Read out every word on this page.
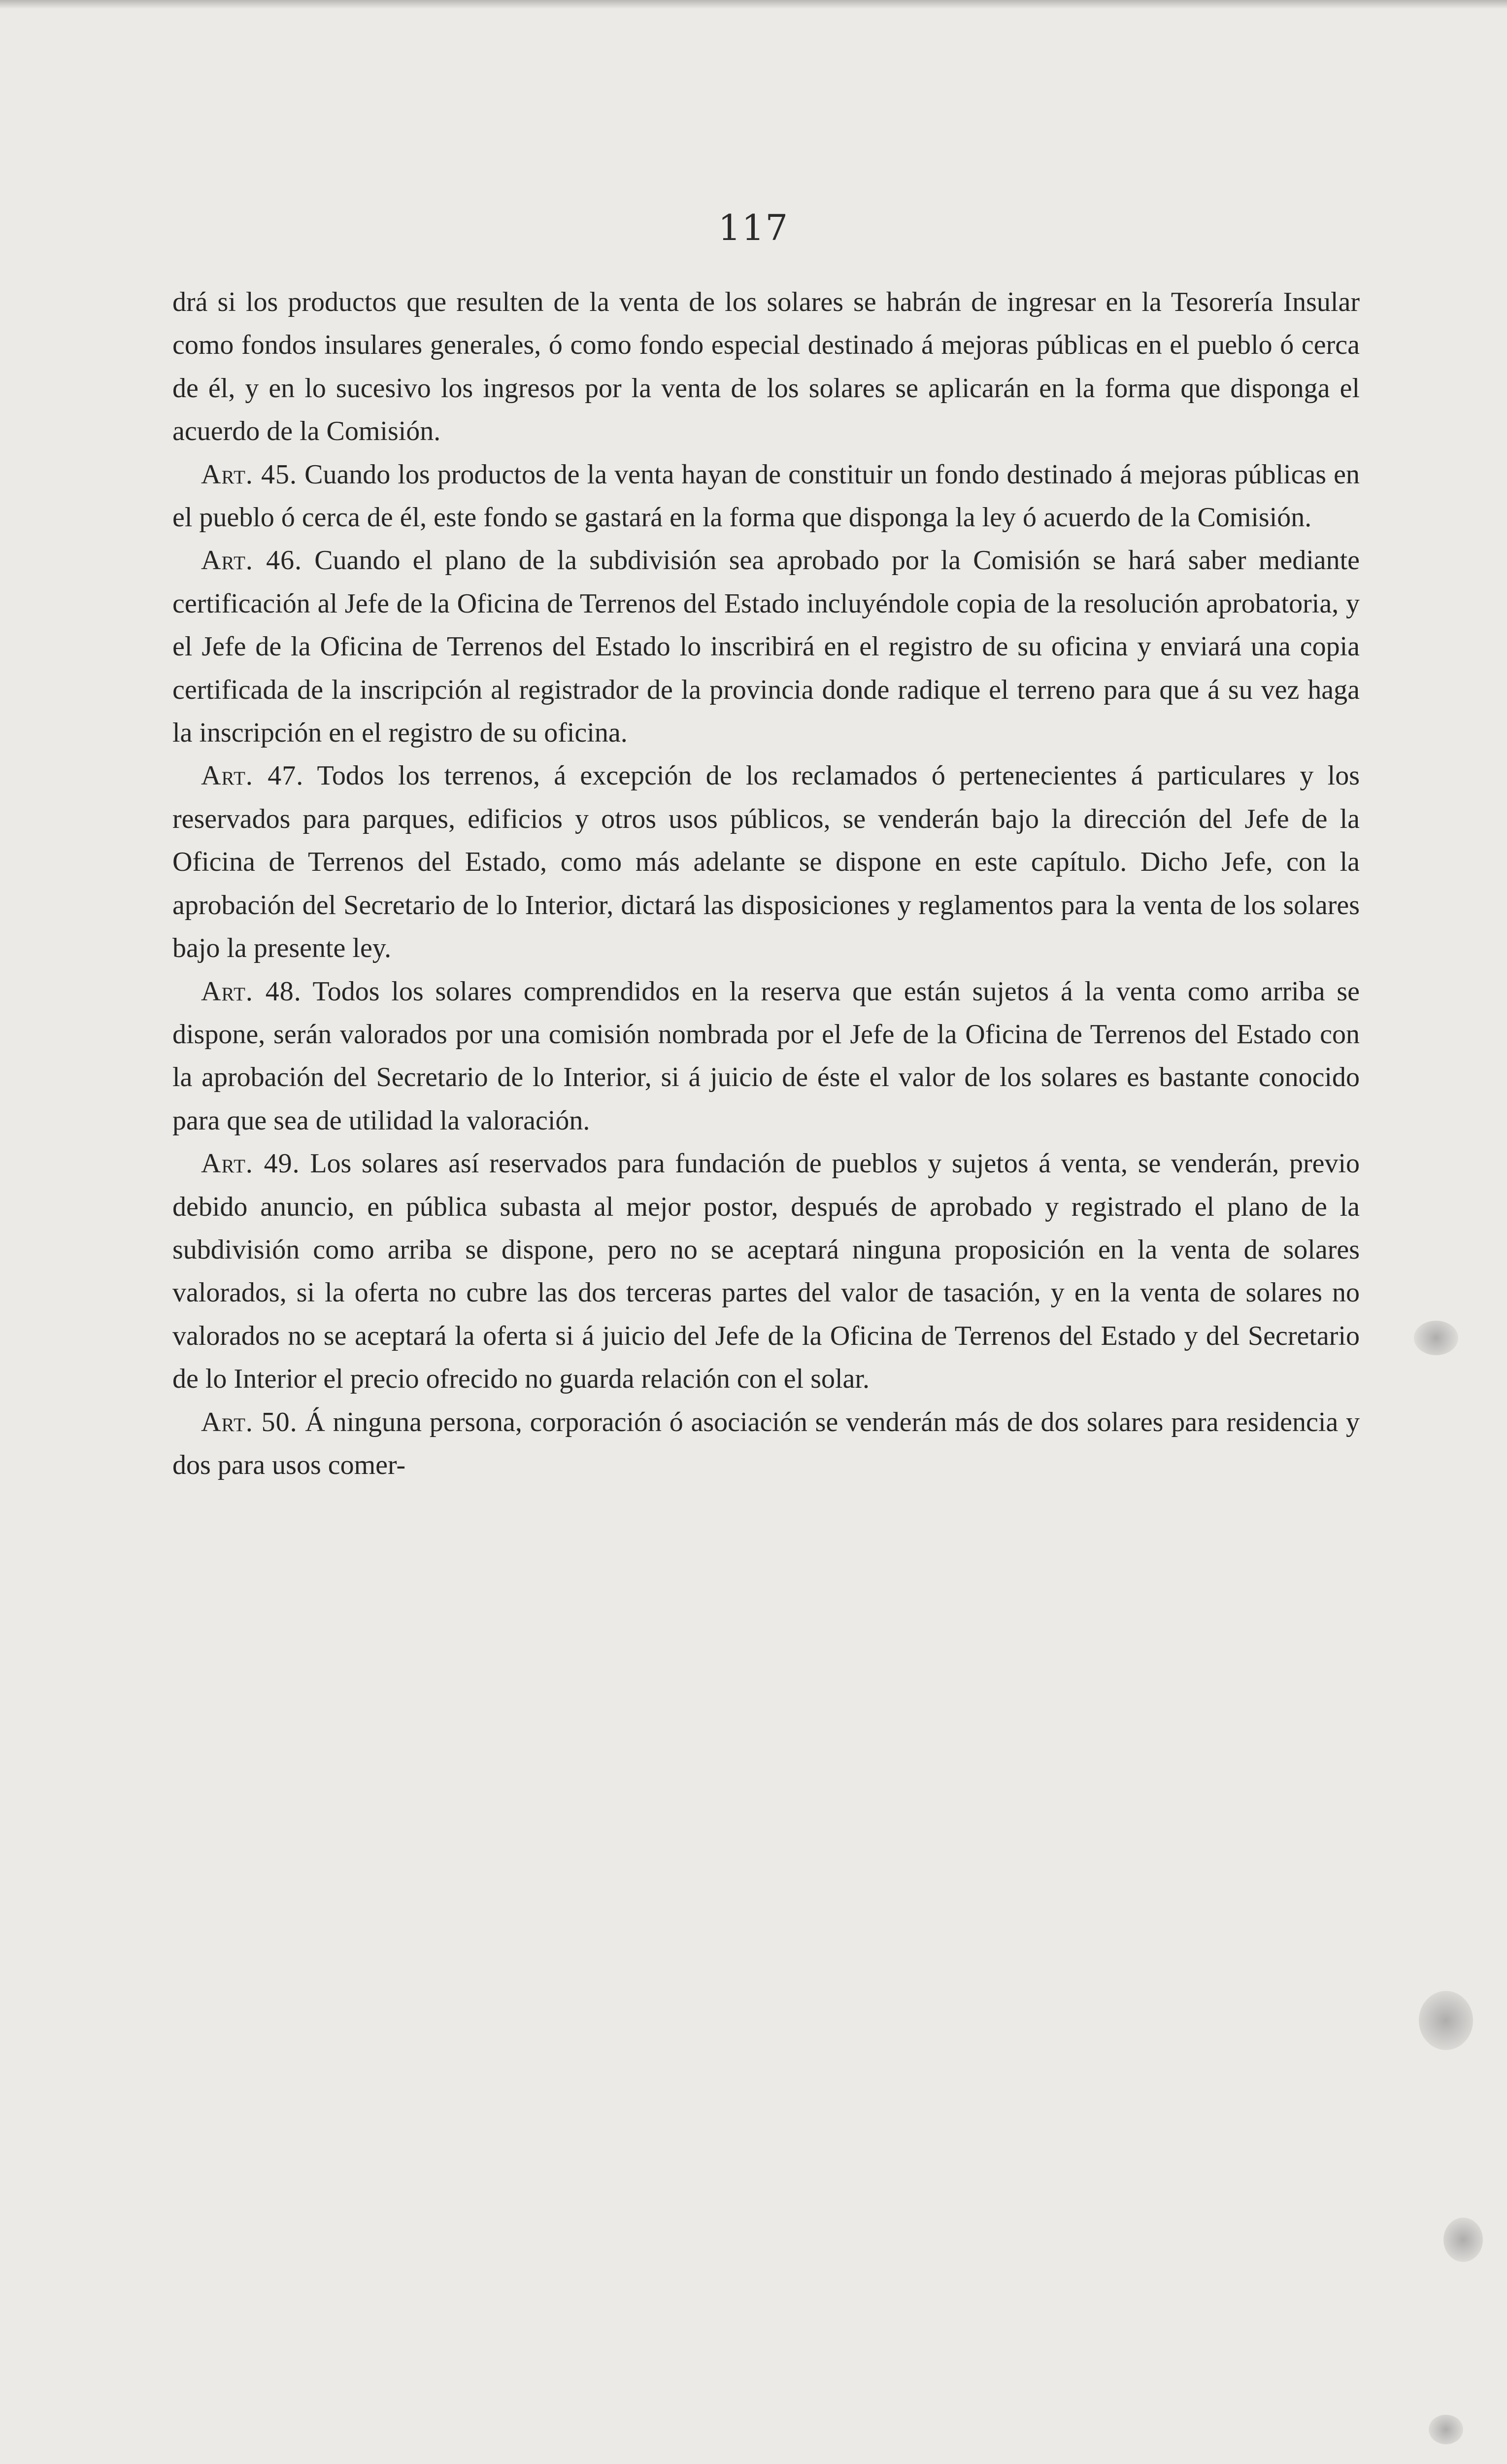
117

drá si los productos que resulten de la venta de los solares se habrán de ingresar en la Tesorería Insular como fondos insulares generales, ó como fondo especial destinado á mejoras públicas en el pueblo ó cerca de él, y en lo sucesivo los ingresos por la venta de los solares se aplicarán en la forma que disponga el acuerdo de la Comisión.

Art. 45. Cuando los productos de la venta hayan de constituir un fondo destinado á mejoras públicas en el pueblo ó cerca de él, este fondo se gastará en la forma que disponga la ley ó acuerdo de la Comisión.

Art. 46. Cuando el plano de la subdivisión sea aprobado por la Comisión se hará saber mediante certificación al Jefe de la Oficina de Terrenos del Estado incluyéndole copia de la resolución aprobatoria, y el Jefe de la Oficina de Terrenos del Estado lo inscribirá en el registro de su oficina y enviará una copia certificada de la inscripción al registrador de la provincia donde radique el terreno para que á su vez haga la inscripción en el registro de su oficina.

Art. 47. Todos los terrenos, á excepción de los reclamados ó pertenecientes á particulares y los reservados para parques, edificios y otros usos públicos, se venderán bajo la dirección del Jefe de la Oficina de Terrenos del Estado, como más adelante se dispone en este capítulo. Dicho Jefe, con la aprobación del Secretario de lo Interior, dictará las disposiciones y reglamentos para la venta de los solares bajo la presente ley.

Art. 48. Todos los solares comprendidos en la reserva que están sujetos á la venta como arriba se dispone, serán valorados por una comisión nombrada por el Jefe de la Oficina de Terrenos del Estado con la aprobación del Secretario de lo Interior, si á juicio de éste el valor de los solares es bastante conocido para que sea de utilidad la valoración.

Art. 49. Los solares así reservados para fundación de pueblos y sujetos á venta, se venderán, previo debido anuncio, en pública subasta al mejor postor, después de aprobado y registrado el plano de la subdivisión como arriba se dispone, pero no se aceptará ninguna proposición en la venta de solares valorados, si la oferta no cubre las dos terceras partes del valor de tasación, y en la venta de solares no valorados no se aceptará la oferta si á juicio del Jefe de la Oficina de Terrenos del Estado y del Secretario de lo Interior el precio ofrecido no guarda relación con el solar.

Art. 50. Á ninguna persona, corporación ó asociación se venderán más de dos solares para residencia y dos para usos comer-
